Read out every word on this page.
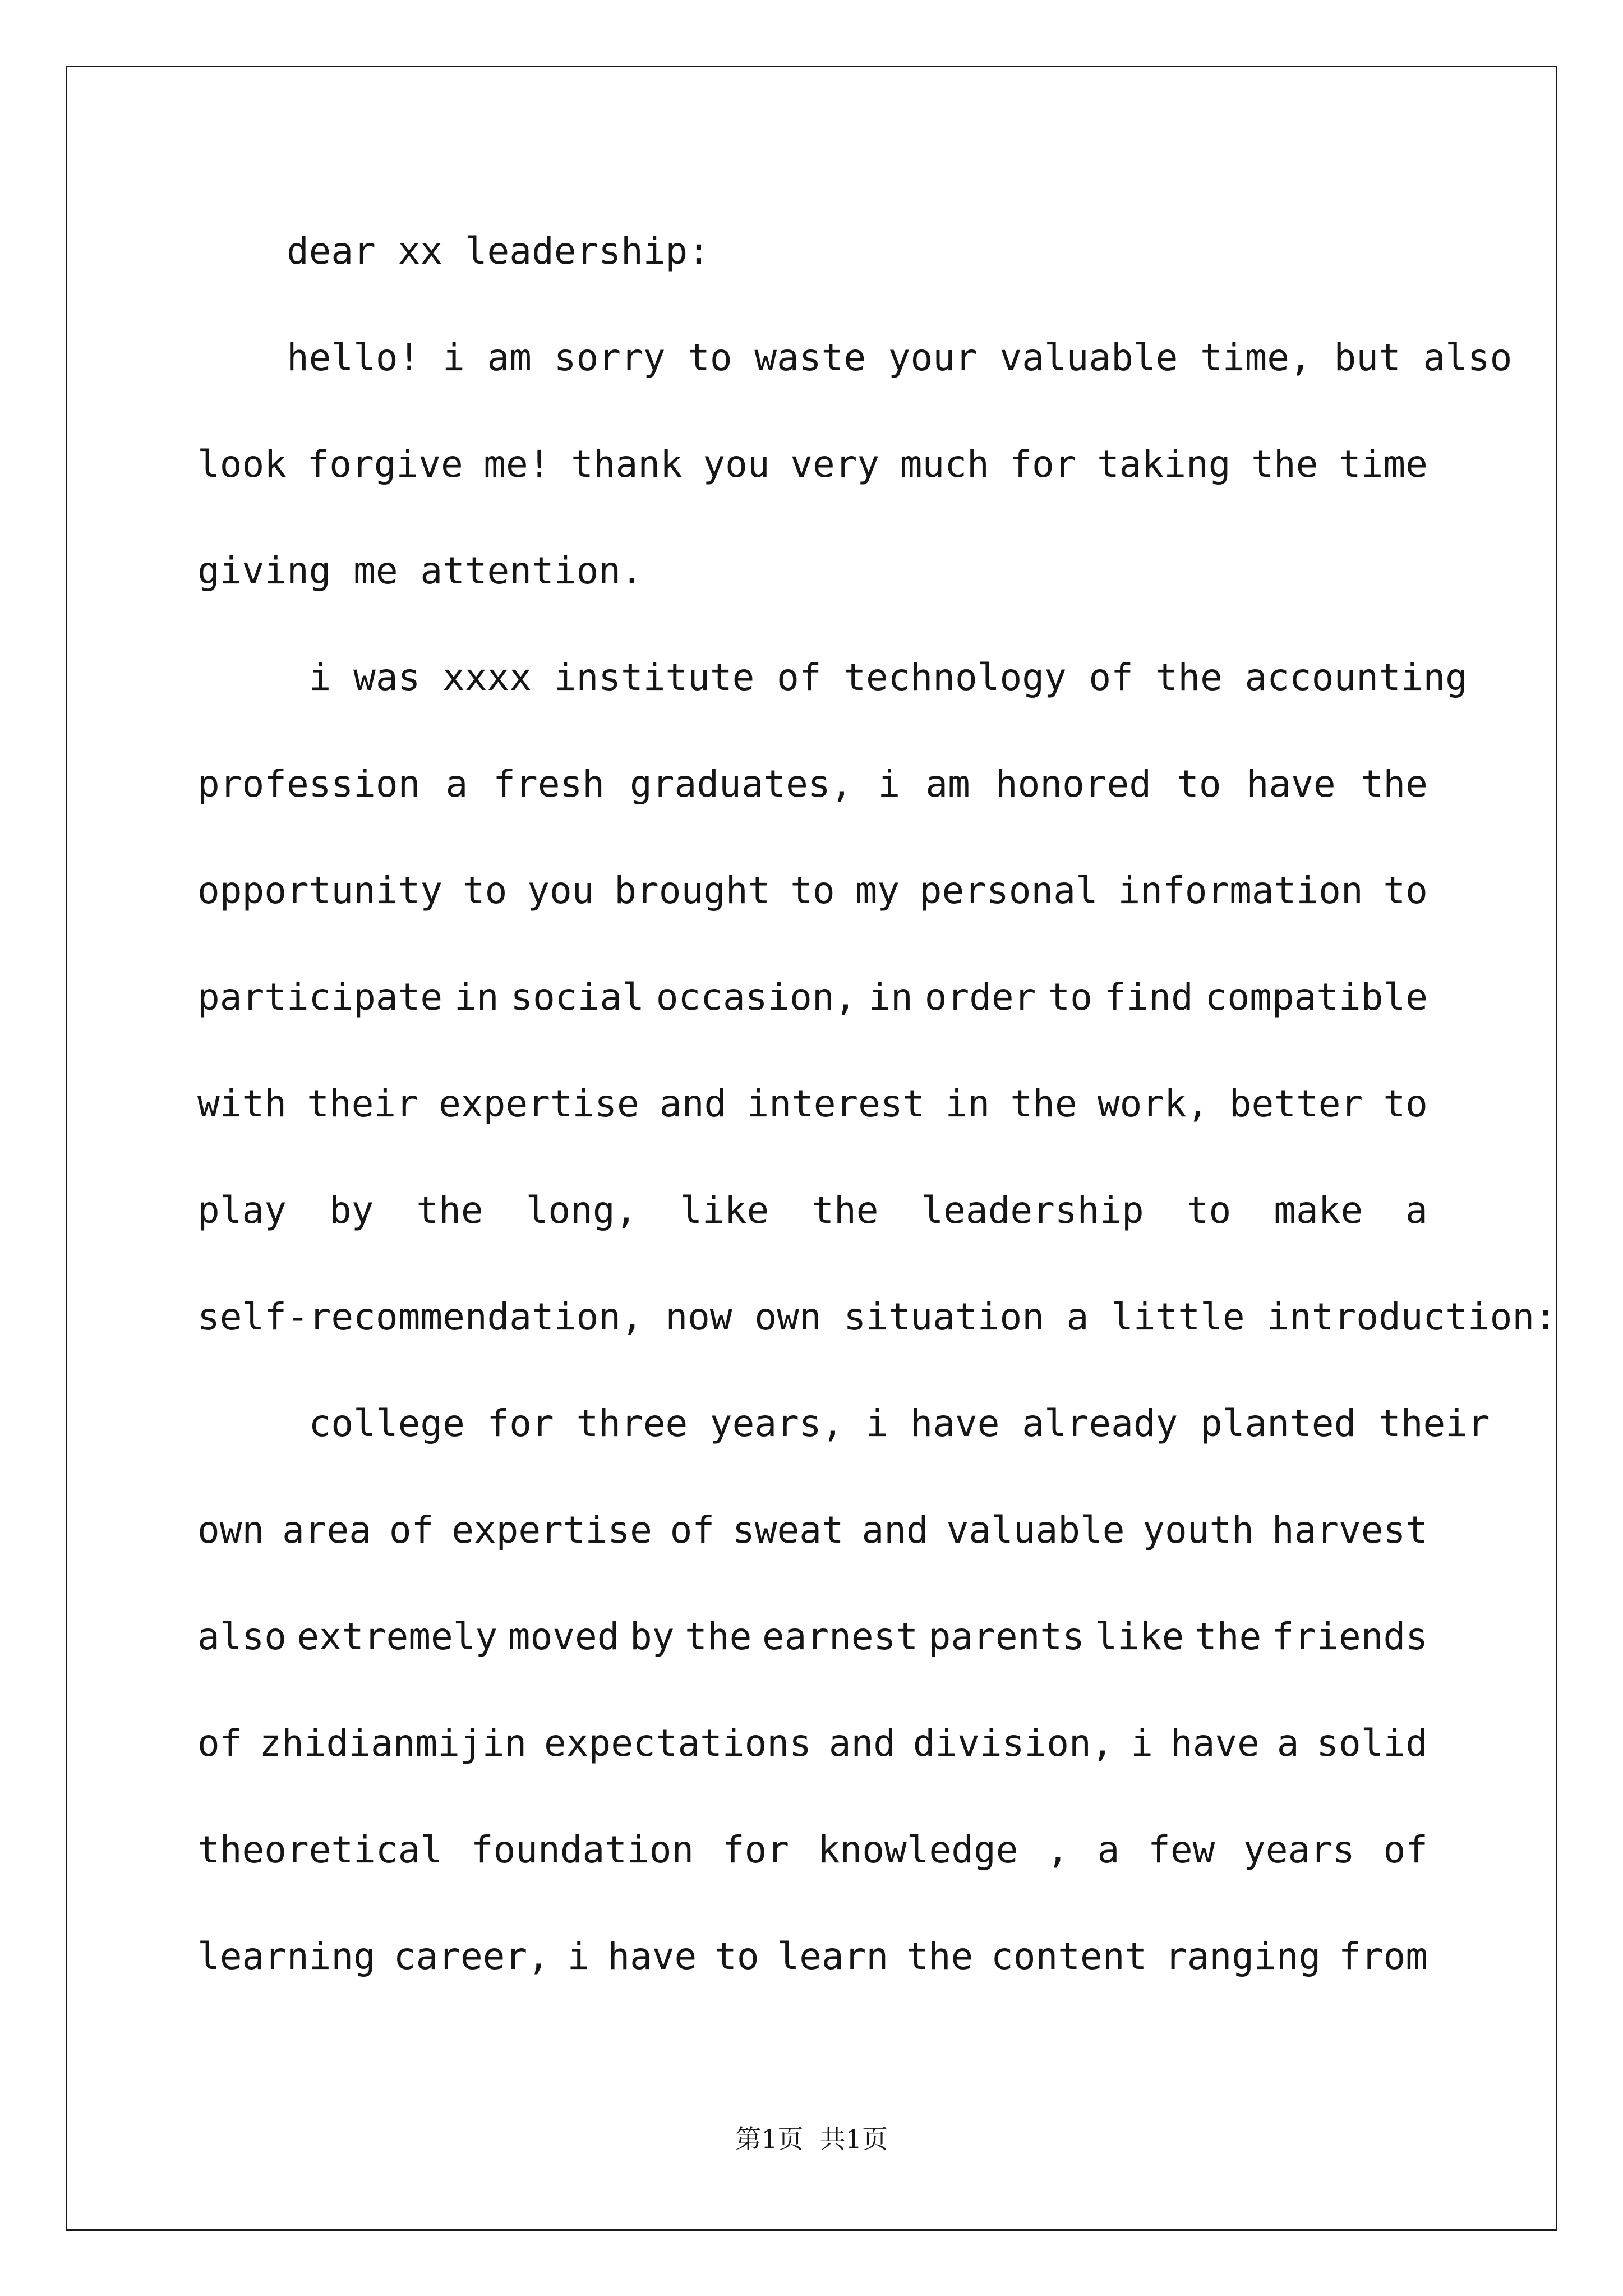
dear xx leadership:
hello! i am sorry to waste your valuable time, but also
look forgive me! thank you very much for taking the time
giving me attention.
i was xxxx institute of technology of the accounting
profession a fresh graduates, i am honored to have the
opportunity to you brought to my personal information to
participate in social occasion, in order to find compatible
with their expertise and interest in the work, better to
play by the long, like the leadership to make a
self-recommendation, now own situation a little introduction:
college for three years, i have already planted their
own area of expertise of sweat and valuable youth harvest
also extremely moved by the earnest parents like the friends
of zhidianmijin expectations and division, i have a solid
theoretical foundation for knowledge , a few years of
learning career, i have to learn the content ranging from
第1页  共1页
